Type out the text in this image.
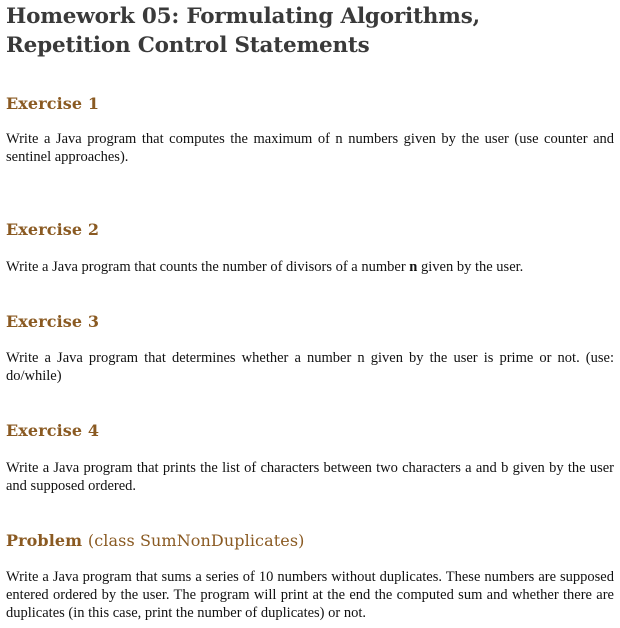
Homework 05: Formulating Algorithms, Repetition Control Statements
Exercise 1
Write a Java program that computes the maximum of n numbers given by the user (use counter and sentinel approaches).
Exercise 2
Write a Java program that counts the number of divisors of a number n given by the user.
Exercise 3
Write a Java program that determines whether a number n given by the user is prime or not. (use: do/while)
Exercise 4
Write a Java program that prints the list of characters between two characters a and b given by the user and supposed ordered.
Problem (class SumNonDuplicates)
Write a Java program that sums a series of 10 numbers without duplicates. These numbers are supposed entered ordered by the user. The program will print at the end the computed sum and whether there are duplicates (in this case, print the number of duplicates) or not.
